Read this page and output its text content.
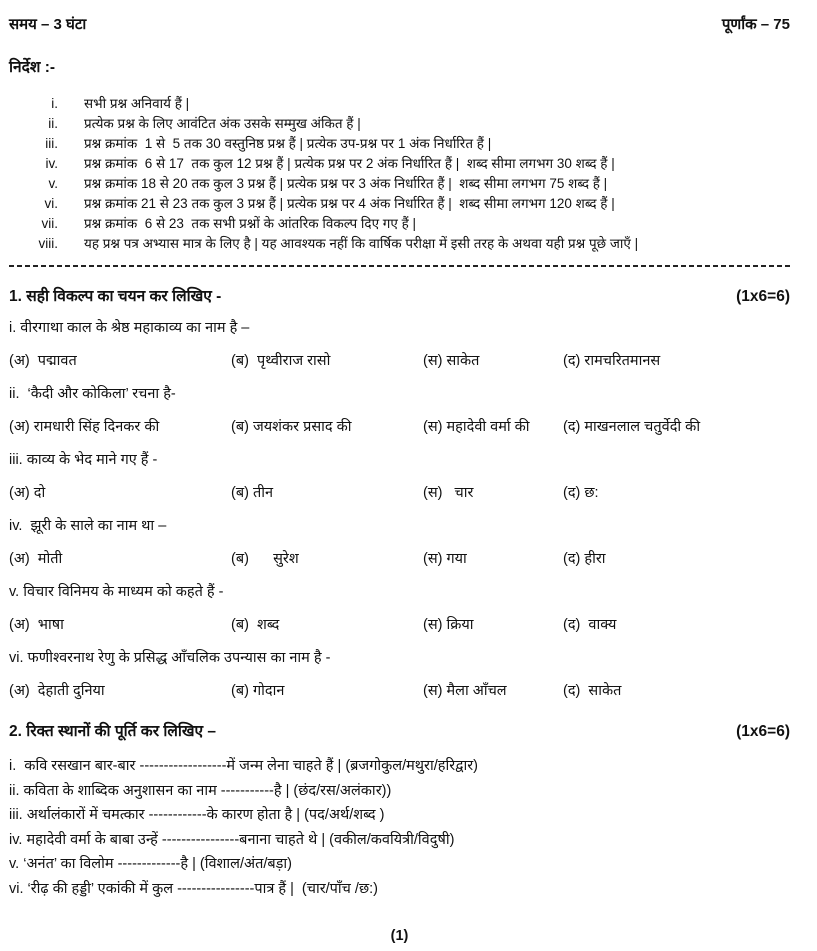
समय – 3 घंटा	पूर्णांक – 75
निर्देश :-
i.	सभी प्रश्न अनिवार्य हैं |
ii.	प्रत्येक प्रश्न के लिए आवंटित अंक उसके सम्मुख अंकित हैं |
iii.	प्रश्न क्रमांक  1 से  5 तक 30 वस्तुनिष्ठ प्रश्न हैं | प्रत्येक उप-प्रश्न पर 1 अंक निर्धारित हैं |
iv.	प्रश्न क्रमांक  6 से 17  तक कुल 12 प्रश्न हैं | प्रत्येक प्रश्न पर 2 अंक निर्धारित हैं |  शब्द सीमा लगभग 30 शब्द हैं |
v.	प्रश्न क्रमांक 18 से 20 तक कुल 3 प्रश्न हैं | प्रत्येक प्रश्न पर 3 अंक निर्धारित हैं |  शब्द सीमा लगभग 75 शब्द हैं |
vi.	प्रश्न क्रमांक 21 से 23 तक कुल 3 प्रश्न हैं | प्रत्येक प्रश्न पर 4 अंक निर्धारित हैं |  शब्द सीमा लगभग 120 शब्द हैं |
vii.	प्रश्न क्रमांक  6 से 23  तक सभी प्रश्नों के आंतरिक विकल्प दिए गए हैं |
viii.	यह प्रश्न पत्र अभ्यास मात्र के लिए है | यह आवश्यक नहीं कि वार्षिक परीक्षा में इसी तरह के अथवा यही प्रश्न पूछे जाएँ |
1. सही विकल्प का चयन कर लिखिए -	(1x6=6)
i. वीरगाथा काल के श्रेष्ठ महाकाव्य का नाम है –
(अ)  पद्मावत	(ब)  पृथ्वीराज रासो	(स) साकेत	(द) रामचरितमानस
ii.  ‘कैदी और कोकिला’ रचना है-
(अ) रामधारी सिंह दिनकर की	(ब) जयशंकर प्रसाद की	(स) महादेवी वर्मा की	(द) माखनलाल चतुर्वेदी की
iii. काव्य के भेद माने गए हैं -
(अ) दो	(ब) तीन	(स)   चार	(द) छ:
iv.  झूरी के साले का नाम था –
(अ)  मोती	(ब)      सुरेश	(स) गया	(द) हीरा
v. विचार विनिमय के माध्यम को कहते हैं -
(अ)  भाषा	(ब)  शब्द	(स) क्रिया	(द)  वाक्य
vi. फणीश्वरनाथ रेणु के प्रसिद्ध आँचलिक उपन्यास का नाम है -
(अ)  देहाती दुनिया	(ब) गोदान	(स) मैला आँचल	(द)  साकेत
2. रिक्त स्थानों की पूर्ति कर लिखिए –	(1x6=6)
i.  कवि रसखान बार-बार ------------------में जन्म लेना चाहते हैं | (ब्रजगोकुल/मथुरा/हरिद्वार)
ii. कविता के शाब्दिक अनुशासन का नाम -----------है | (छंद/रस/अलंकार))
iii. अर्थालंकारों में चमत्कार ------------के कारण होता है | (पद/अर्थ/शब्द )
iv. महादेवी वर्मा के बाबा उन्हें ----------------बनाना चाहते थे | (वकील/कवयित्री/विदुषी)
v. ‘अनंत’ का विलोम -------------है | (विशाल/अंत/बड़ा)
vi. ‘रीढ़ की हड्डी’ एकांकी में कुल ----------------पात्र हैं |  (चार/पाँच /छ:)
(1)
